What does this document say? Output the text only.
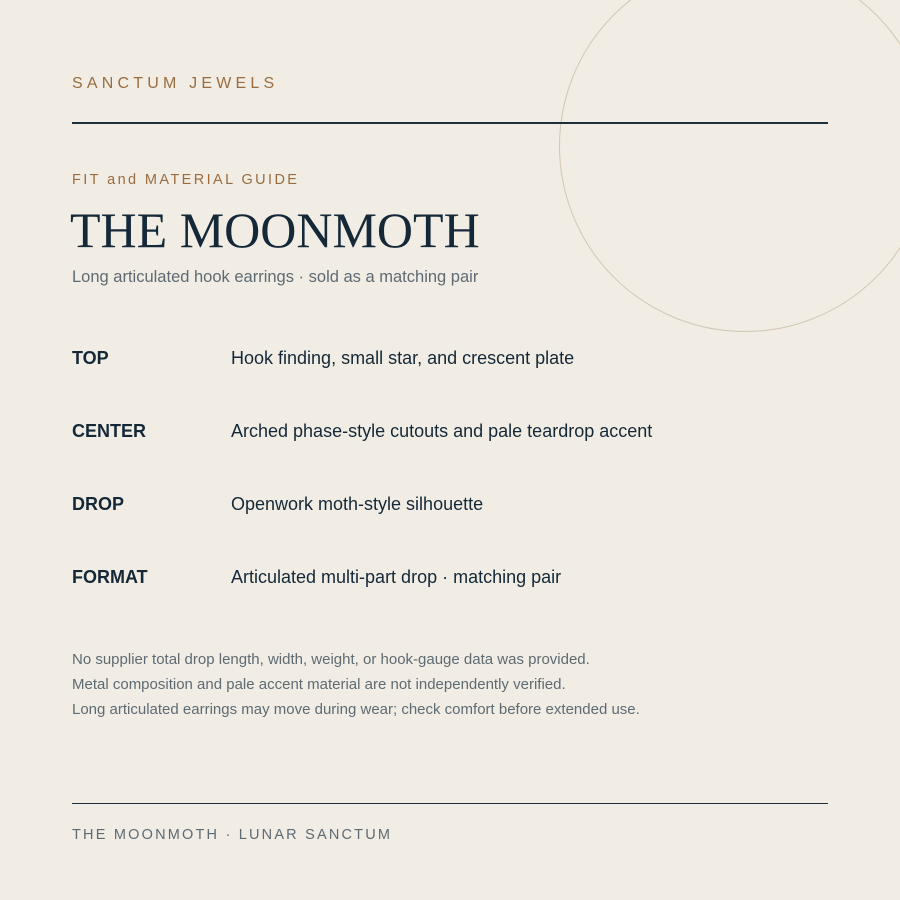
SANCTUM JEWELS
FIT and MATERIAL GUIDE
THE MOONMOTH
Long articulated hook earrings · sold as a matching pair
TOP	Hook finding, small star, and crescent plate
CENTER	Arched phase-style cutouts and pale teardrop accent
DROP	Openwork moth-style silhouette
FORMAT	Articulated multi-part drop · matching pair
No supplier total drop length, width, weight, or hook-gauge data was provided.
Metal composition and pale accent material are not independently verified.
Long articulated earrings may move during wear; check comfort before extended use.
THE MOONMOTH · LUNAR SANCTUM
